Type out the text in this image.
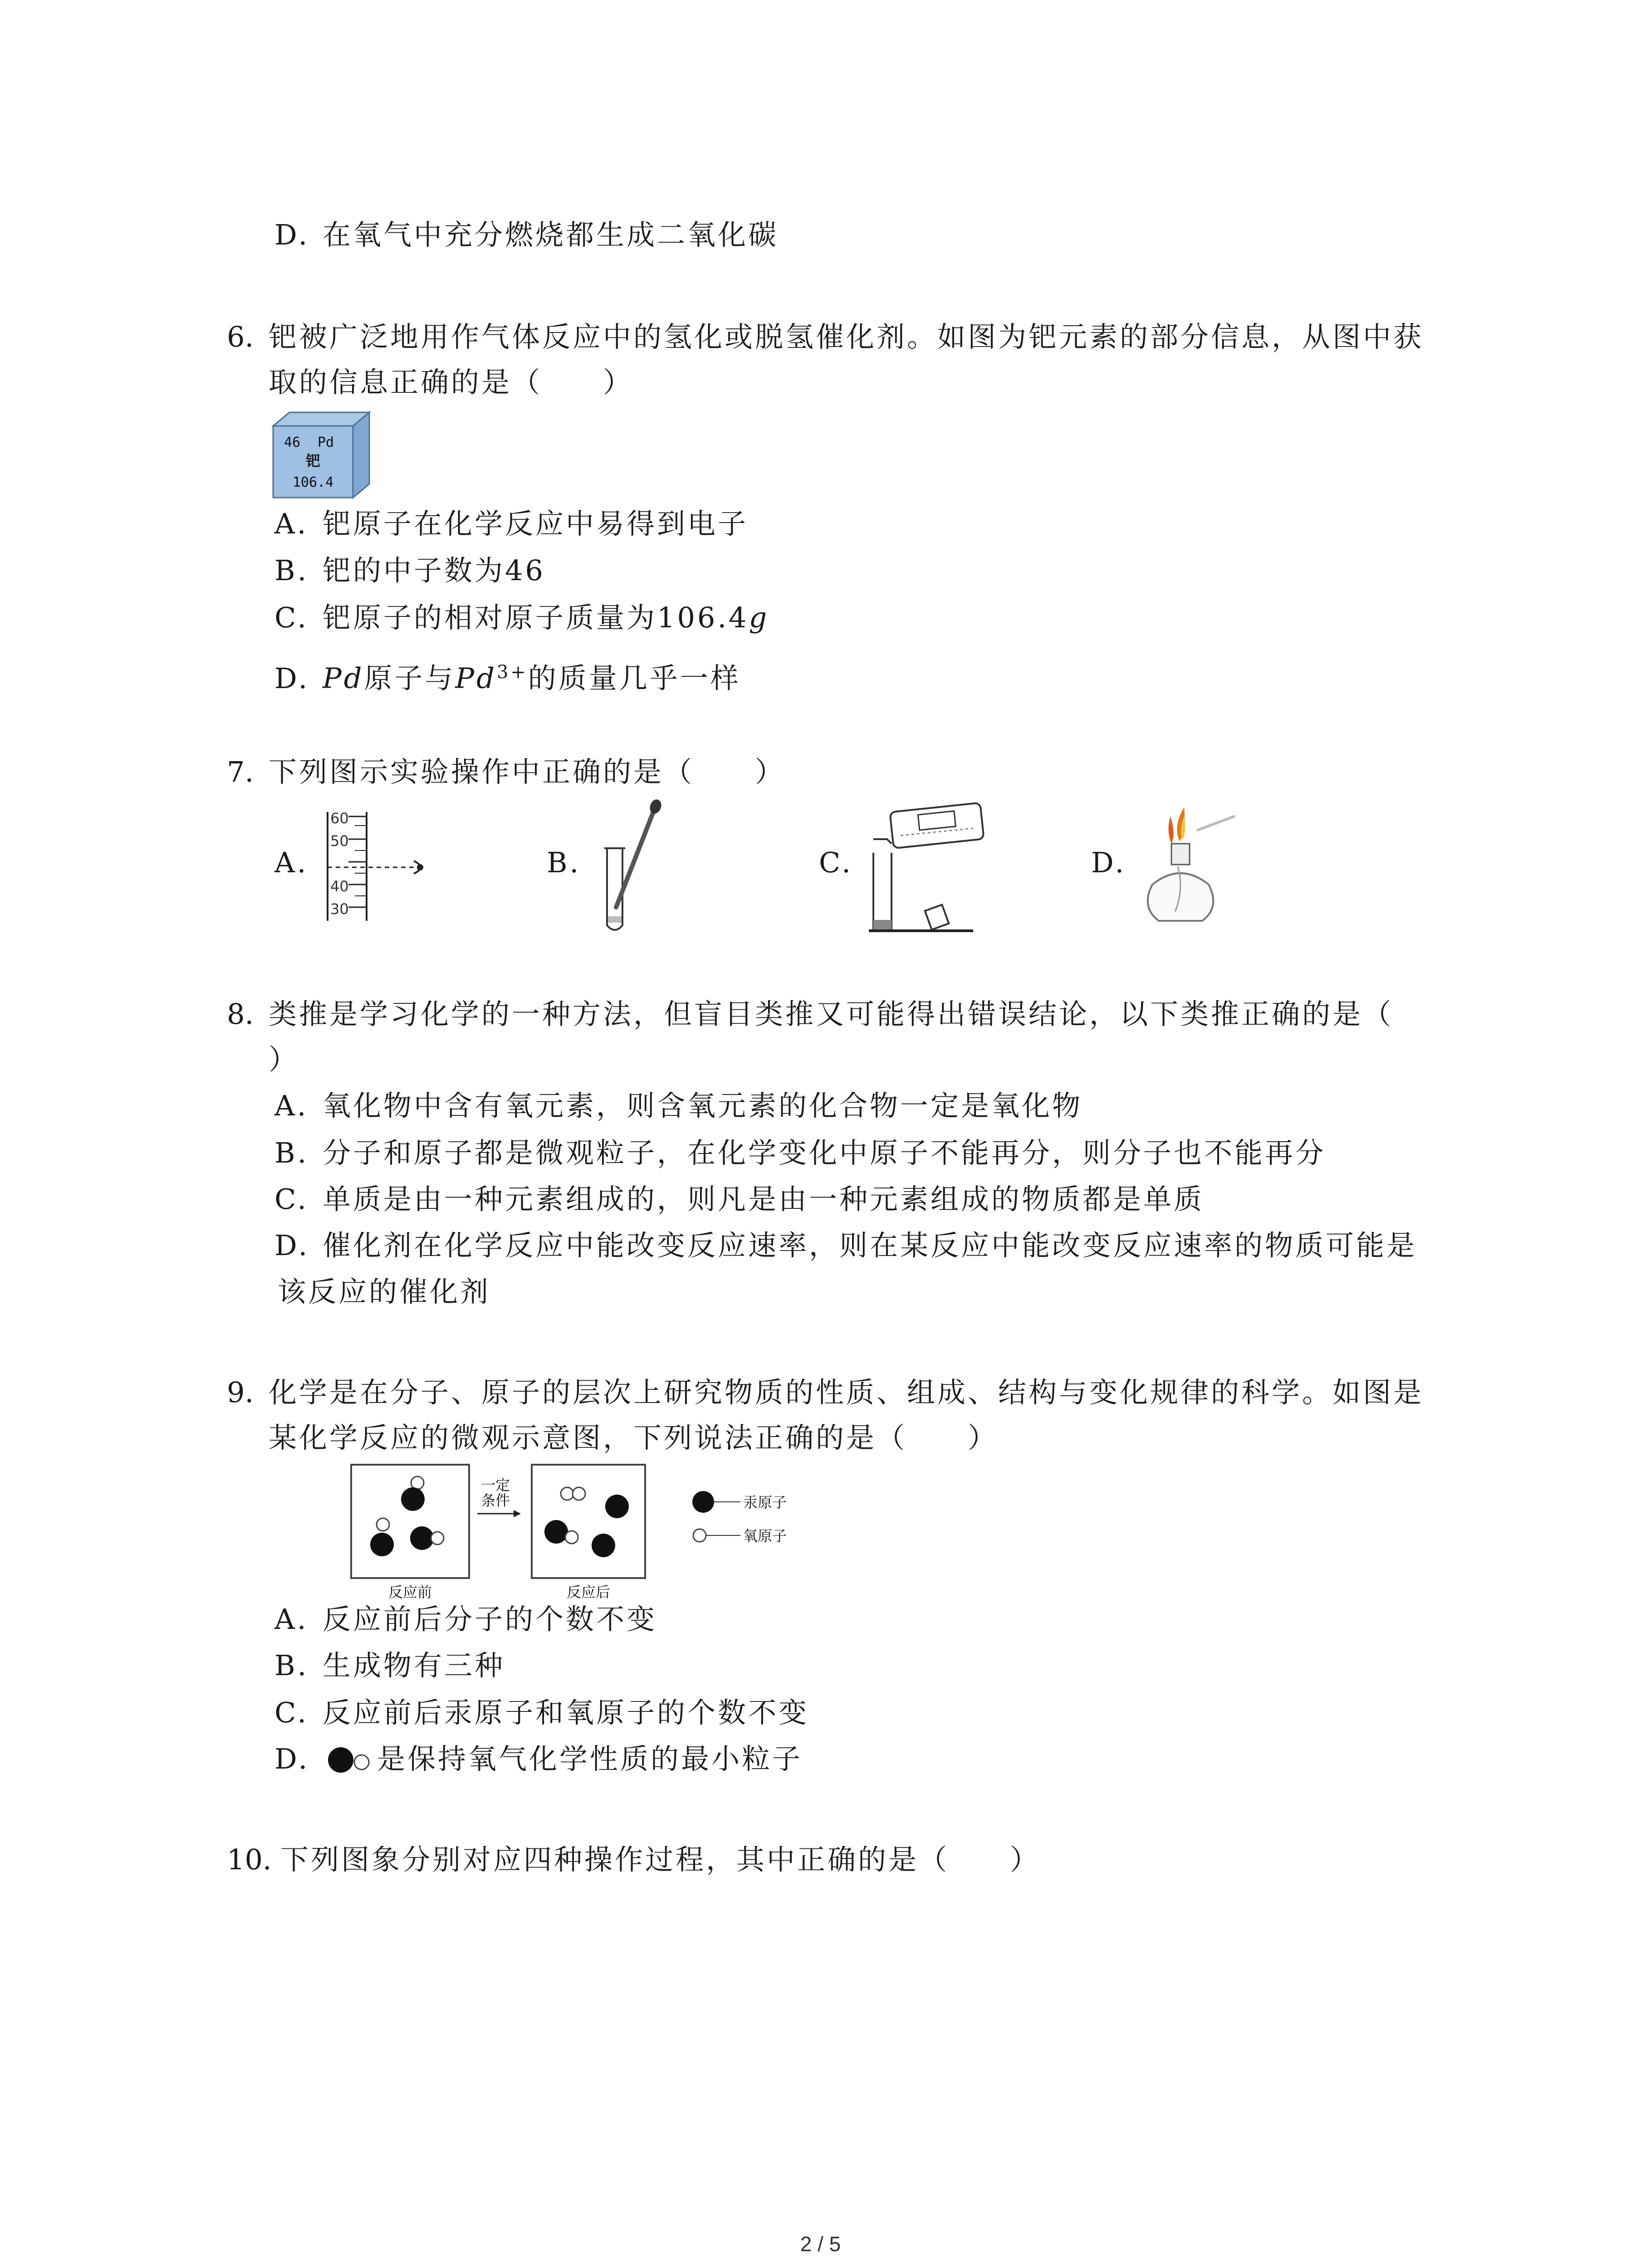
D. 在氧气中充分燃烧都生成二氧化碳
6. 钯被广泛地用作气体反应中的氢化或脱氢催化剂。如图为钯元素的部分信息，从图中获
取的信息正确的是（　　）
46 Pd
钯
106.4
A. 钯原子在化学反应中易得到电子
B. 钯的中子数为46
C. 钯原子的相对原子质量为106.4g
D. Pd原子与$Pd^{3+}$的质量几乎一样
7. 下列图示实验操作中正确的是（　　）
A.
60
50
40
30
B.	C.	D.
8. 类推是学习化学的一种方法，但盲目类推又可能得出错误结论，以下类推正确的是（
）
A. 氧化物中含有氧元素，则含氧元素的化合物一定是氧化物
B. 分子和原子都是微观粒子，在化学变化中原子不能再分，则分子也不能再分
C. 单质是由一种元素组成的，则凡是由一种元素组成的物质都是单质
D. 催化剂在化学反应中能改变反应速率，则在某反应中能改变反应速率的物质可能是
该反应的催化剂
9. 化学是在分子、原子的层次上研究物质的性质、组成、结构与变化规律的科学。如图是
某化学反应的微观示意图，下列说法正确的是（　　）
一定
条件
反应前	反应后
汞原子
氧原子
A. 反应前后分子的个数不变
B. 生成物有三种
C. 反应前后汞原子和氧原子的个数不变
D. 是保持氧气化学性质的最小粒子
10. 下列图象分别对应四种操作过程，其中正确的是（　　）
2 / 5
